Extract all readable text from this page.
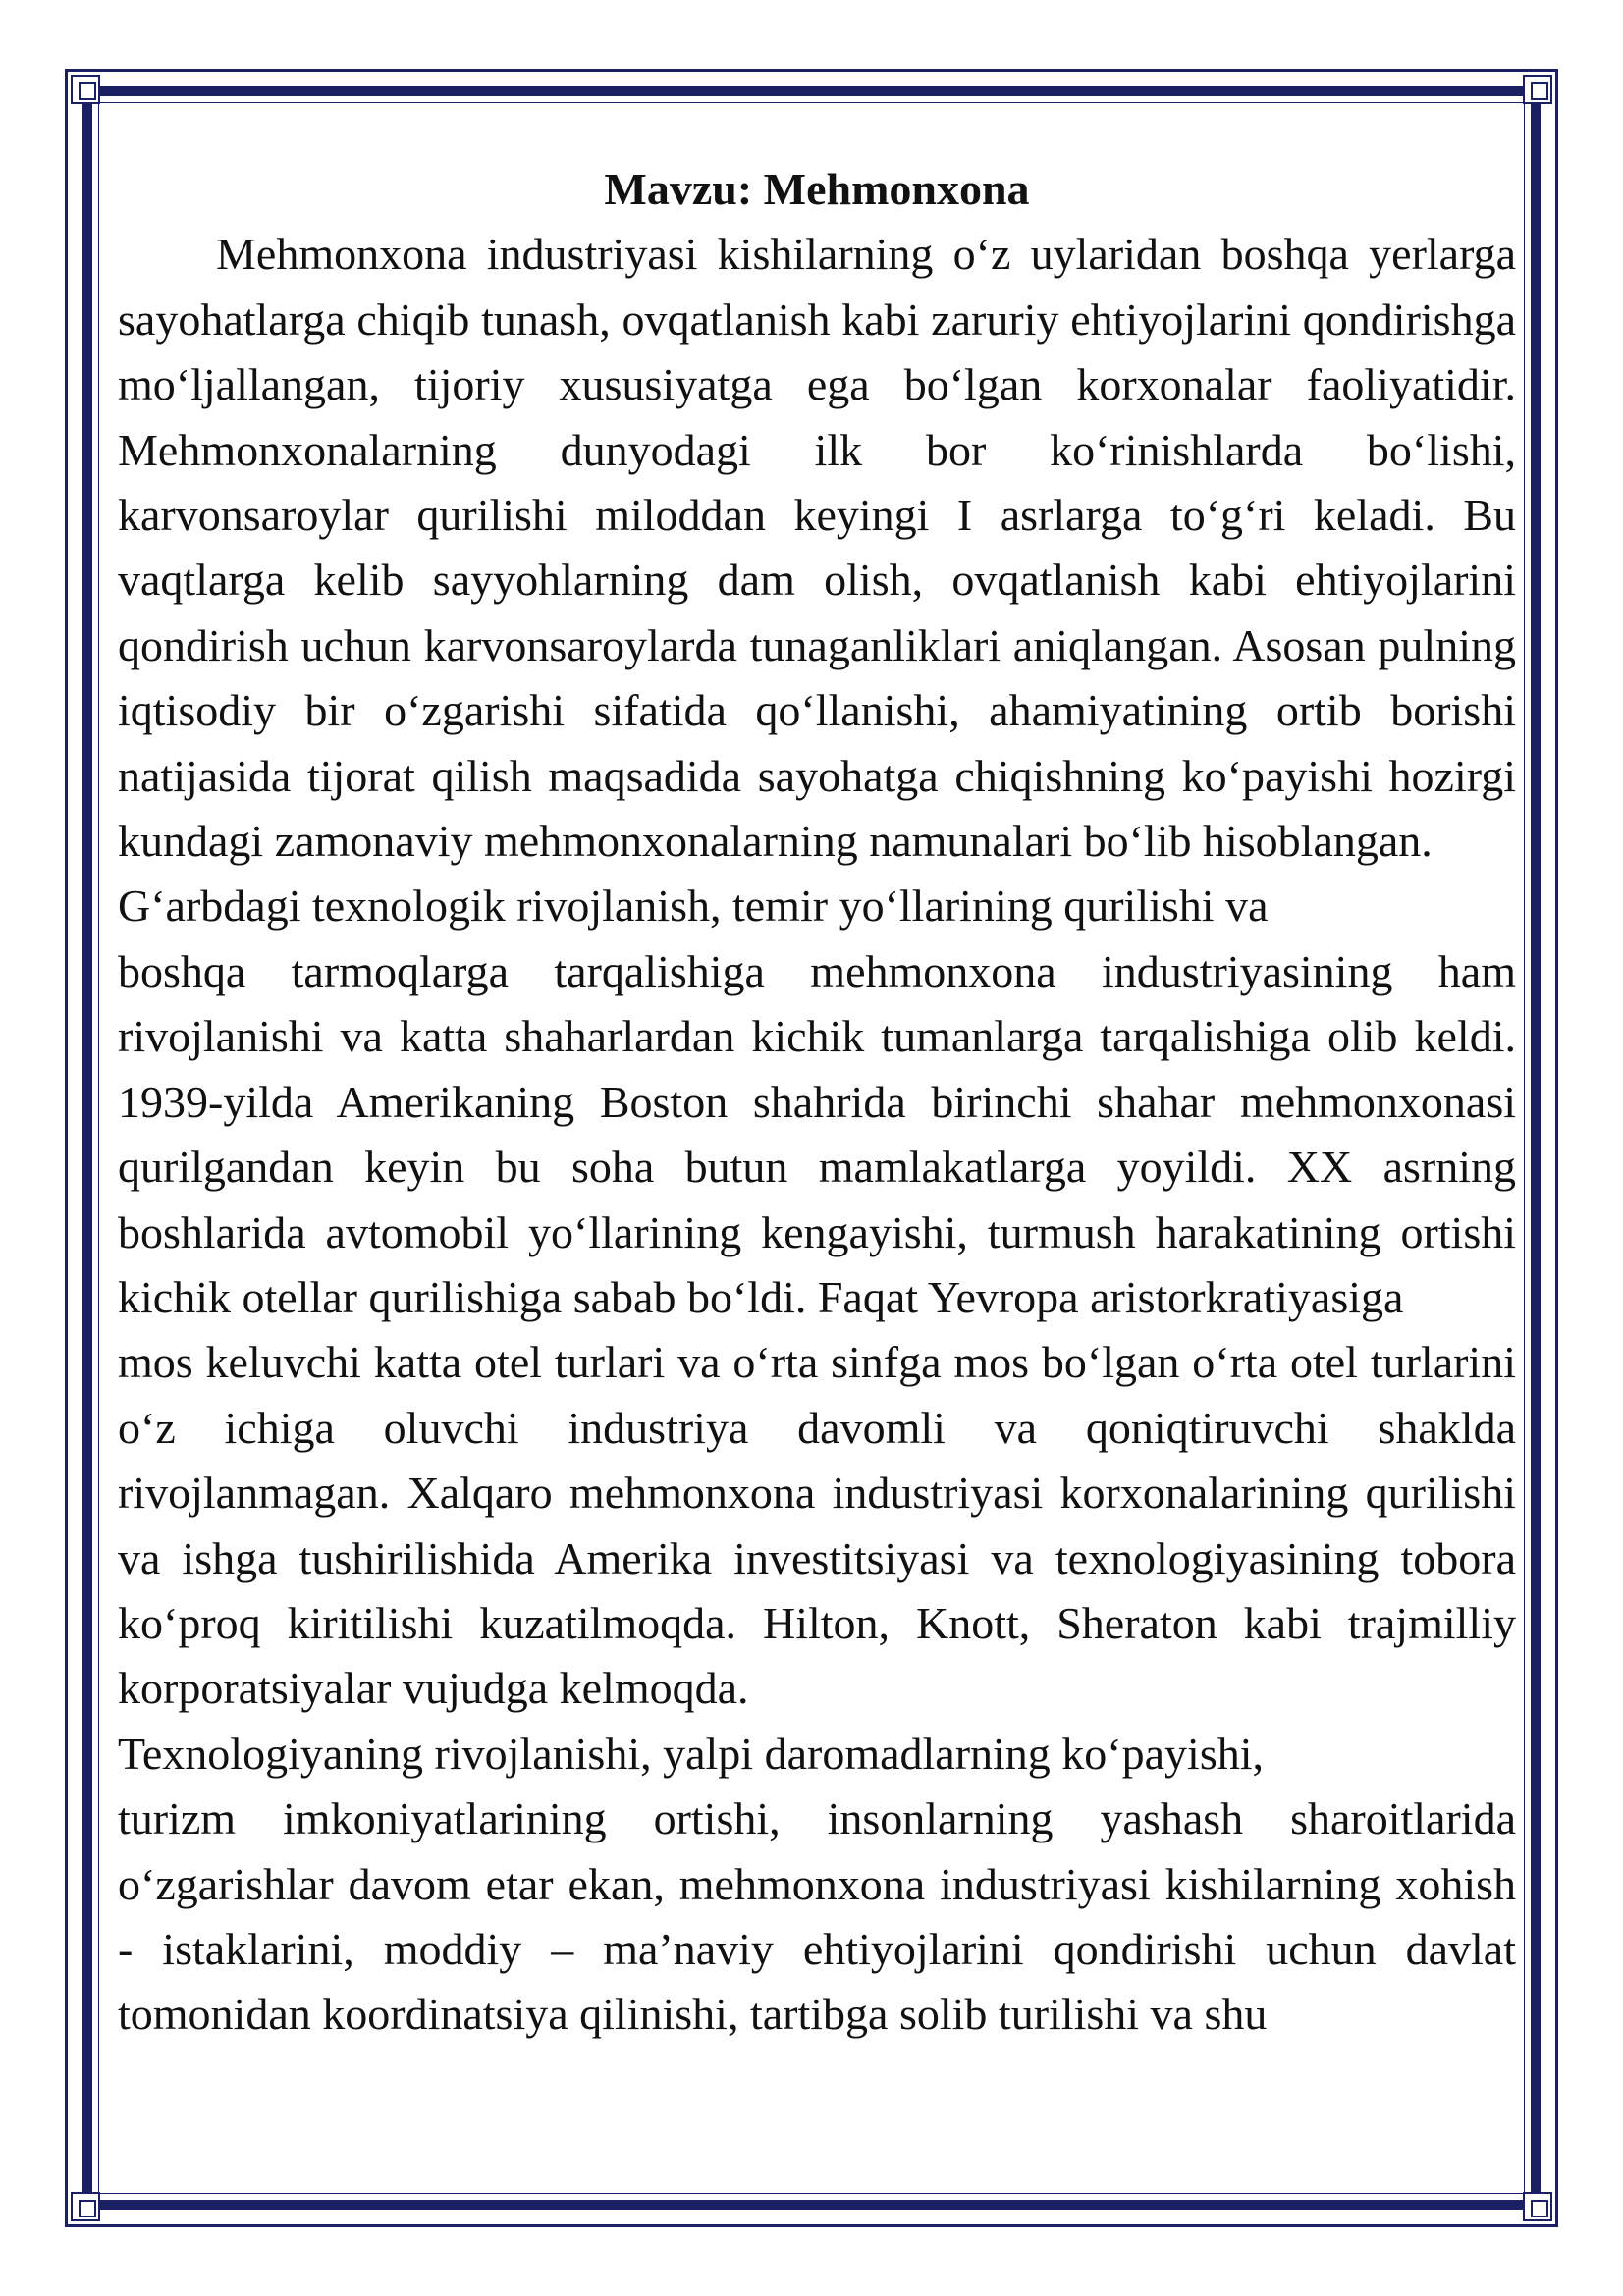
Mavzu: Mehmonxona

Mehmonxona industriyasi kishilarning o‘z uylaridan boshqa yerlarga sayohatlarga chiqib tunash, ovqatlanish kabi zaruriy ehtiyojlarini qondirishga mo‘ljallangan, tijoriy xususiyatga ega bo‘lgan korxonalar faoliyatidir. Mehmonxonalarning dunyodagi ilk bor ko‘rinishlarda bo‘lishi, karvonsaroylar qurilishi miloddan keyingi I asrlarga to‘g‘ri keladi. Bu vaqtlarga kelib sayyohlarning dam olish, ovqatlanish kabi ehtiyojlarini qondirish uchun karvonsaroylarda tunaganliklari aniqlangan. Asosan pulning iqtisodiy bir o‘zgarishi sifatida qo‘llanishi, ahamiyatining ortib borishi natijasida tijorat qilish maqsadida sayohatga chiqishning ko‘payishi hozirgi kundagi zamonaviy mehmonxonalarning namunalari bo‘lib hisoblangan.

G‘arbdagi texnologik rivojlanish, temir yo‘llarining qurilishi va

boshqa tarmoqlarga tarqalishiga mehmonxona industriyasining ham rivojlanishi va katta shaharlardan kichik tumanlarga tarqalishiga olib keldi. 1939-yilda Amerikaning Boston shahrida birinchi shahar mehmonxonasi qurilgandan keyin bu soha butun mamlakatlarga yoyildi. XX asrning boshlarida avtomobil yo‘llarining kengayishi, turmush harakatining ortishi kichik otellar qurilishiga sabab bo‘ldi. Faqat Yevropa aristorkratiyasiga

mos keluvchi katta otel turlari va o‘rta sinfga mos bo‘lgan o‘rta otel turlarini o‘z ichiga oluvchi industriya davomli va qoniqtiruvchi shaklda rivojlanmagan. Xalqaro mehmonxona industriyasi korxonalarining qurilishi va ishga tushirilishida Amerika investitsiyasi va texnologiyasining tobora ko‘proq kiritilishi kuzatilmoqda. Hilton, Knott, Sheraton kabi trajmilliy korporatsiyalar vujudga kelmoqda.

Texnologiyaning rivojlanishi, yalpi daromadlarning ko‘payishi,

turizm imkoniyatlarining ortishi, insonlarning yashash sharoitlarida o‘zgarishlar davom etar ekan, mehmonxona industriyasi kishilarning xohish - istaklarini, moddiy – ma’naviy ehtiyojlarini qondirishi uchun davlat tomonidan koordinatsiya qilinishi, tartibga solib turilishi va shu
